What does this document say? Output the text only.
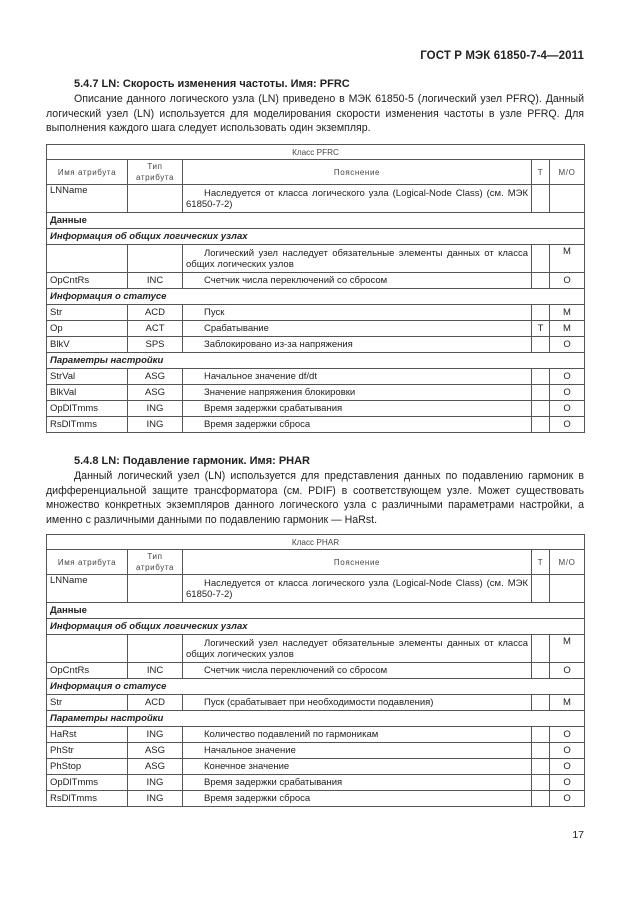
ГОСТ Р МЭК 61850-7-4—2011
5.4.7 LN: Скорость изменения частоты. Имя: PFRC

Описание данного логического узла (LN) приведено в МЭК 61850-5 (логический узел PFRQ). Данный логический узел (LN) используется для моделирования скорости изменения частоты в узле PFRQ. Для выполнения каждого шага следует использовать один экземпляр.

Класс PFRC				
Имя атрибута	Тип атрибута	Пояснение	T	M/O
LNName		Наследуется от класса логического узла (Logical-Node Class) (см. МЭК 61850-7-2)		

Данные				
Информация об общих логических узлах				

		Логический узел наследует обязательные элементы данных от класса общих логических узлов		M
OpCntRs	INC	Счетчик числа переключений со сбросом		O
Информация о статусе				
Str	ACD	Пуск		M
Op	ACT	Срабатывание	T	M
BlkV	SPS	Заблокировано из-за напряжения		O
Параметры настройки				
StrVal	ASG	Начальное значение df/dt		O
BlkVal	ASG	Значение напряжения блокировки		O
OpDlTmms	ING	Время задержки срабатывания		O
RsDlTmms	ING	Время задержки сброса		O
5.4.8 LN: Подавление гармоник. Имя: PHAR

Данный логический узел (LN) используется для представления данных по подавлению гармоник в дифференциальной защите трансформатора (см. PDIF) в соответствующем узле. Может существовать множество конкретных экземпляров данного логического узла с различными параметрами настройки, а именно с различными данными по подавлению гармоник — HaRst.

Класс PHAR				
Имя атрибута	Тип атрибута	Пояснение	T	M/O
LNName		Наследуется от класса логического узла (Logical-Node Class) (см. МЭК 61850-7-2)		

Данные				
Информация об общих логических узлах				

		Логический узел наследует обязательные элементы данных от класса общих логических узлов		M
OpCntRs	INC	Счетчик числа переключений со сбросом		O
Информация о статусе				
Str	ACD	Пуск (срабатывает при необходимости подавления)		M
Параметры настройки				
HaRst	ING	Количество подавлений по гармоникам		O
PhStr	ASG	Начальное значение		O
PhStop	ASG	Конечное значение		O
OpDlTmms	ING	Время задержки срабатывания		O
RsDlTmms	ING	Время задержки сброса		O
17
